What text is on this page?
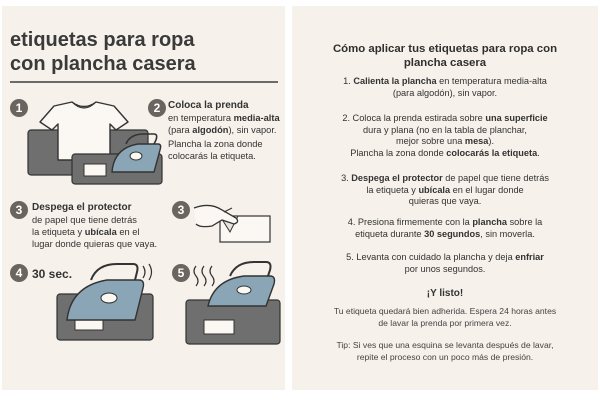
etiquetas para ropa
con plancha casera
1	2 Coloca la prenda
en temperatura media-alta
(para algodón), sin vapor.
Plancha la zona donde
colocarás la etiqueta.
3 Despega el protector
de papel que tiene detrás
la etiqueta y ubícala en el
lugar donde quieras que vaya.
3
4 30 sec.	5
Cómo aplicar tus etiquetas para ropa con
plancha casera
1. Calienta la plancha en temperatura media-alta
(para algodón), sin vapor.
2. Coloca la prenda estirada sobre una superficie
dura y plana (no en la tabla de planchar,
mejor sobre una mesa).
Plancha la zona donde colocarás la etiqueta.
3. Despega el protector de papel que tiene detrás
la etiqueta y ubícala en el lugar donde
quieras que vaya.
4. Presiona firmemente con la plancha sobre la
etiqueta durante 30 segundos, sin moverla.
5. Levanta con cuidado la plancha y deja enfriar
por unos segundos.
¡Y listo!
Tu etiqueta quedará bien adherida. Espera 24 horas antes
de lavar la prenda por primera vez.
Tip: Si ves que una esquina se levanta después de lavar,
repite el proceso con un poco más de presión.
